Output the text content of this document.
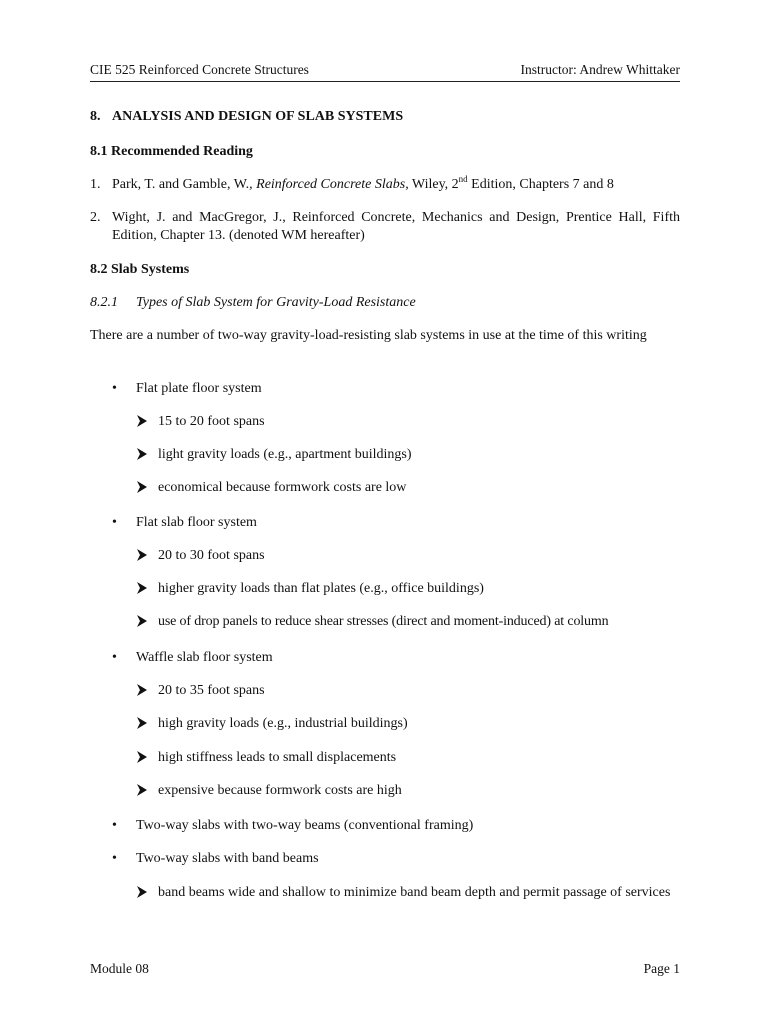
CIE 525 Reinforced Concrete Structures	Instructor: Andrew Whittaker
8. ANALYSIS AND DESIGN OF SLAB SYSTEMS
8.1 Recommended Reading
1. Park, T. and Gamble, W., Reinforced Concrete Slabs, Wiley, 2nd Edition, Chapters 7 and 8
2. Wight, J. and MacGregor, J., Reinforced Concrete, Mechanics and Design, Prentice Hall, Fifth Edition, Chapter 13. (denoted WM hereafter)
8.2 Slab Systems
8.2.1 Types of Slab System for Gravity-Load Resistance
There are a number of two-way gravity-load-resisting slab systems in use at the time of this writing
• Flat plate floor system
15 to 20 foot spans
light gravity loads (e.g., apartment buildings)
economical because formwork costs are low
• Flat slab floor system
20 to 30 foot spans
higher gravity loads than flat plates (e.g., office buildings)
use of drop panels to reduce shear stresses (direct and moment-induced) at column
• Waffle slab floor system
20 to 35 foot spans
high gravity loads (e.g., industrial buildings)
high stiffness leads to small displacements
expensive because formwork costs are high
• Two-way slabs with two-way beams (conventional framing)
• Two-way slabs with band beams
band beams wide and shallow to minimize band beam depth and permit passage of services
Module 08	Page 1
